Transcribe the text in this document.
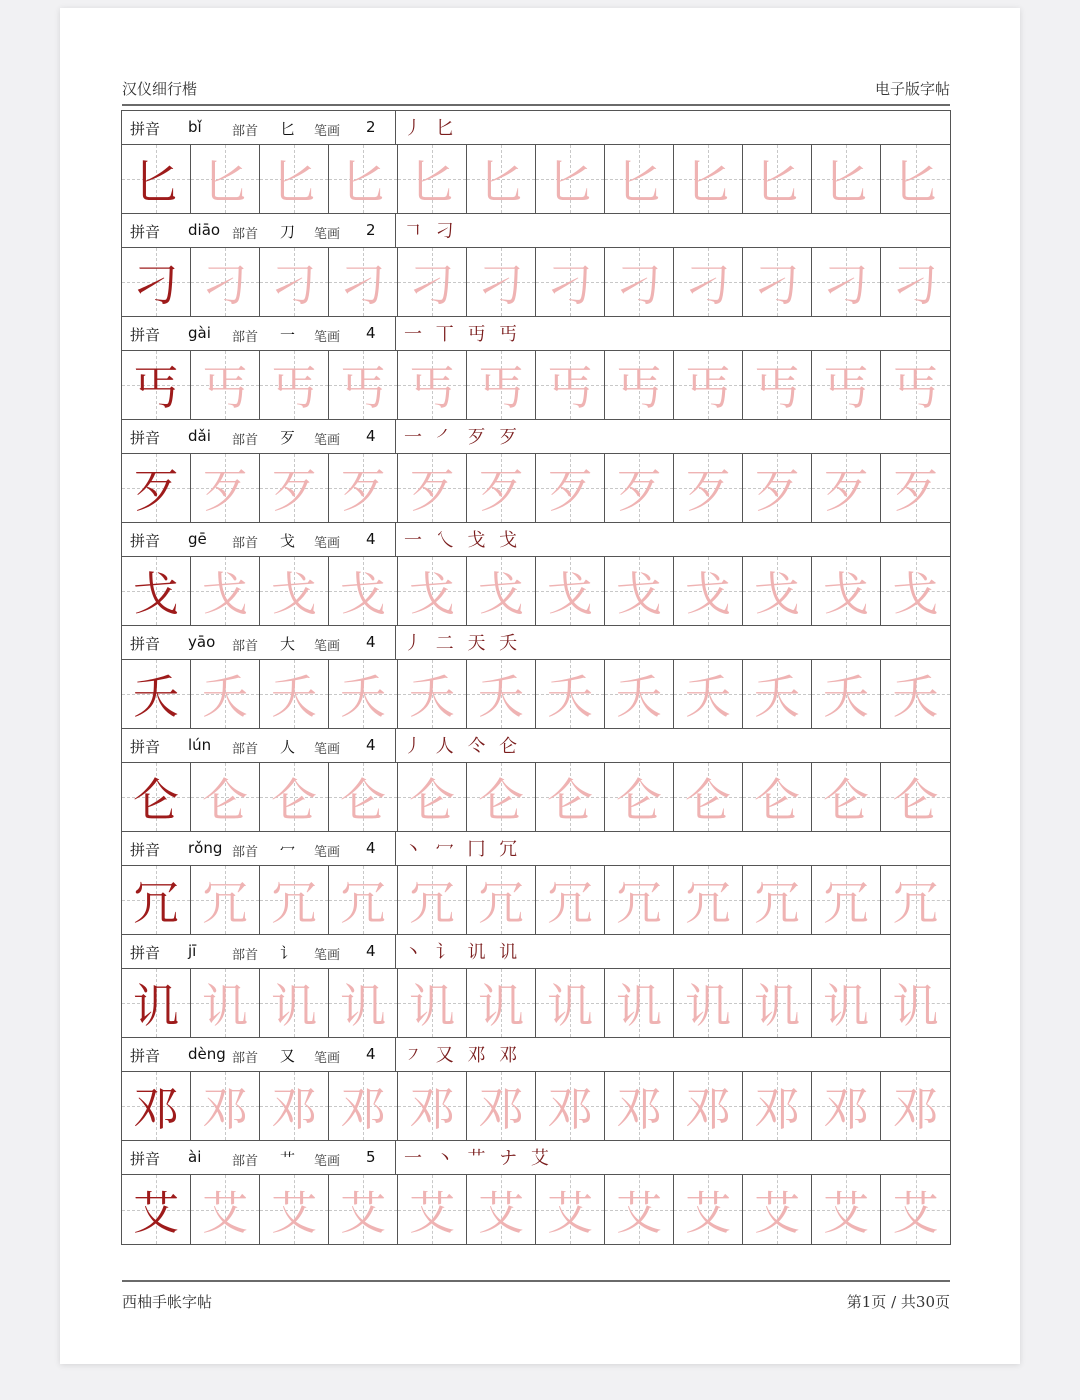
汉仪细行楷	电子版字帖
拼音 bǐ 部首 匕 笔画 2 丿 匕
匕 匕 匕 匕 匕 匕 匕 匕 匕 匕 匕 匕
拼音 diāo 部首 刀 笔画 2 𠃍 刁
刁 刁 刁 刁 刁 刁 刁 刁 刁 刁 刁 刁
拼音 gài 部首 一 笔画 4 一 丅 丏 丐
丐 丐 丐 丐 丐 丐 丐 丐 丐 丐 丐 丐
拼音 dǎi 部首 歹 笔画 4 一 ㇒ 歹 歹
歹 歹 歹 歹 歹 歹 歹 歹 歹 歹 歹 歹
拼音 gē 部首 戈 笔画 4 一 乀 戈 戈
戈 戈 戈 戈 戈 戈 戈 戈 戈 戈 戈 戈
拼音 yāo 部首 大 笔画 4 丿 二 天 夭
夭 夭 夭 夭 夭 夭 夭 夭 夭 夭 夭 夭
拼音 lún 部首 人 笔画 4 丿 人 仒 仑
仑 仑 仑 仑 仑 仑 仑 仑 仑 仑 仑 仑
拼音 rǒng 部首 冖 笔画 4 丶 冖 冂 冗
冗 冗 冗 冗 冗 冗 冗 冗 冗 冗 冗 冗
拼音 jī	部首 讠 笔画 4 丶 讠 讥 讥
讥 讥 讥 讥 讥 讥 讥 讥 讥 讥 讥 讥
拼音 dèng 部首 又 笔画 4 ㇇ 又 邓 邓
邓 邓 邓 邓 邓 邓 邓 邓 邓 邓 邓 邓
拼音 ài 部首 艹 笔画 5 一 丶 艹 ナ 艾
艾 艾 艾 艾 艾 艾 艾 艾 艾 艾 艾 艾
西柚手帐字帖	第1页 / 共30页
